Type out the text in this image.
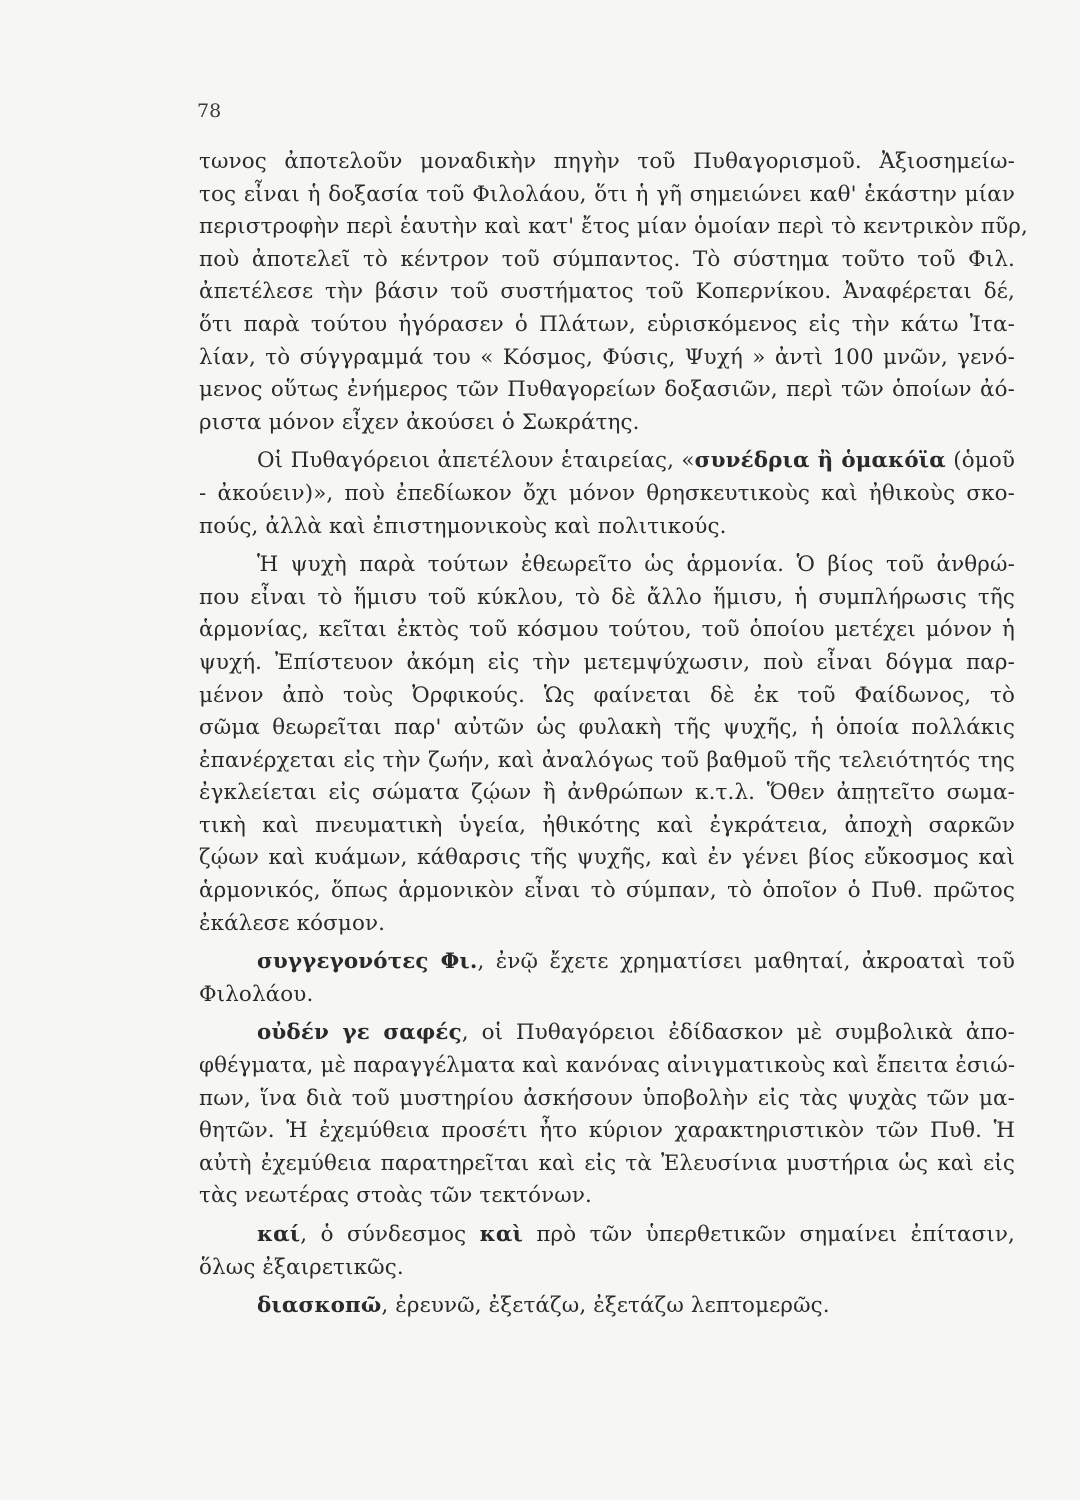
78
τωνος ἀποτελοῦν μοναδικὴν πηγὴν τοῦ Πυθαγορισμοῦ. Ἀξιοσημείω-
τος εἶναι ἡ δοξασία τοῦ Φιλολάου, ὅτι ἡ γῆ σημειώνει καθ' ἑκάστην μίαν
περιστροφὴν περὶ ἑαυτὴν καὶ κατ' ἔτος μίαν ὁμοίαν περὶ τὸ κεντρικὸν πῦρ,
ποὺ ἀποτελεῖ τὸ κέντρον τοῦ σύμπαντος. Τὸ σύστημα τοῦτο τοῦ Φιλ.
ἀπετέλεσε τὴν βάσιν τοῦ συστήματος τοῦ Κοπερνίκου. Ἀναφέρεται δέ,
ὅτι παρὰ τούτου ἠγόρασεν ὁ Πλάτων, εὑρισκόμενος εἰς τὴν κάτω Ἰτα-
λίαν, τὸ σύγγραμμά του « Κόσμος, Φύσις, Ψυχή » ἀντὶ 100 μνῶν, γενό-
μενος οὕτως ἐνήμερος τῶν Πυθαγορείων δοξασιῶν, περὶ τῶν ὁποίων ἀό-
ριστα μόνον εἶχεν ἀκούσει ὁ Σωκράτης.
Οἱ Πυθαγόρειοι ἀπετέλουν ἑταιρείας, «συνέδρια ἢ ὁμακόϊα (ὁμοῦ
- ἀκούειν)», ποὺ ἐπεδίωκον ὄχι μόνον θρησκευτικοὺς καὶ ἠθικοὺς σκο-
πούς, ἀλλὰ καὶ ἐπιστημονικοὺς καὶ πολιτικούς.
Ἡ ψυχὴ παρὰ τούτων ἐθεωρεῖτο ὡς ἁρμονία. Ὁ βίος τοῦ ἀνθρώ-
που εἶναι τὸ ἥμισυ τοῦ κύκλου, τὸ δὲ ἄλλο ἥμισυ, ἡ συμπλήρωσις τῆς
ἁρμονίας, κεῖται ἐκτὸς τοῦ κόσμου τούτου, τοῦ ὁποίου μετέχει μόνον ἡ
ψυχή. Ἐπίστευον ἀκόμη εἰς τὴν μετεμψύχωσιν, ποὺ εἶναι δόγμα παρ-
μένον ἀπὸ τοὺς Ὀρφικούς. Ὡς φαίνεται δὲ ἐκ τοῦ Φαίδωνος, τὸ
σῶμα θεωρεῖται παρ' αὐτῶν ὡς φυλακὴ τῆς ψυχῆς, ἡ ὁποία πολλάκις
ἐπανέρχεται εἰς τὴν ζωήν, καὶ ἀναλόγως τοῦ βαθμοῦ τῆς τελειότητός της
ἐγκλείεται εἰς σώματα ζῴων ἢ ἀνθρώπων κ.τ.λ. Ὅθεν ἀπῃτεῖτο σωμα-
τικὴ καὶ πνευματικὴ ὑγεία, ἠθικότης καὶ ἐγκράτεια, ἀποχὴ σαρκῶν
ζῴων καὶ κυάμων, κάθαρσις τῆς ψυχῆς, καὶ ἐν γένει βίος εὔκοσμος καὶ
ἁρμονικός, ὅπως ἁρμονικὸν εἶναι τὸ σύμπαν, τὸ ὁποῖον ὁ Πυθ. πρῶτος
ἐκάλεσε κόσμον.
συγγεγονότες Φι., ἐνῷ ἔχετε χρηματίσει μαθηταί, ἀκροαταὶ τοῦ
Φιλολάου.
οὐδέν γε σαφές, οἱ Πυθαγόρειοι ἐδίδασκον μὲ συμβολικὰ ἀπο-
φθέγματα, μὲ παραγγέλματα καὶ κανόνας αἰνιγματικοὺς καὶ ἔπειτα ἐσιώ-
πων, ἵνα διὰ τοῦ μυστηρίου ἀσκήσουν ὑποβολὴν εἰς τὰς ψυχὰς τῶν μα-
θητῶν. Ἡ ἐχεμύθεια προσέτι ἦτο κύριον χαρακτηριστικὸν τῶν Πυθ. Ἡ
αὐτὴ ἐχεμύθεια παρατηρεῖται καὶ εἰς τὰ Ἐλευσίνια μυστήρια ὡς καὶ εἰς
τὰς νεωτέρας στοὰς τῶν τεκτόνων.
καί, ὁ σύνδεσμος καὶ πρὸ τῶν ὑπερθετικῶν σημαίνει ἐπίτασιν,
ὅλως ἐξαιρετικῶς.
διασκοπῶ, ἐρευνῶ, ἐξετάζω, ἐξετάζω λεπτομερῶς.
